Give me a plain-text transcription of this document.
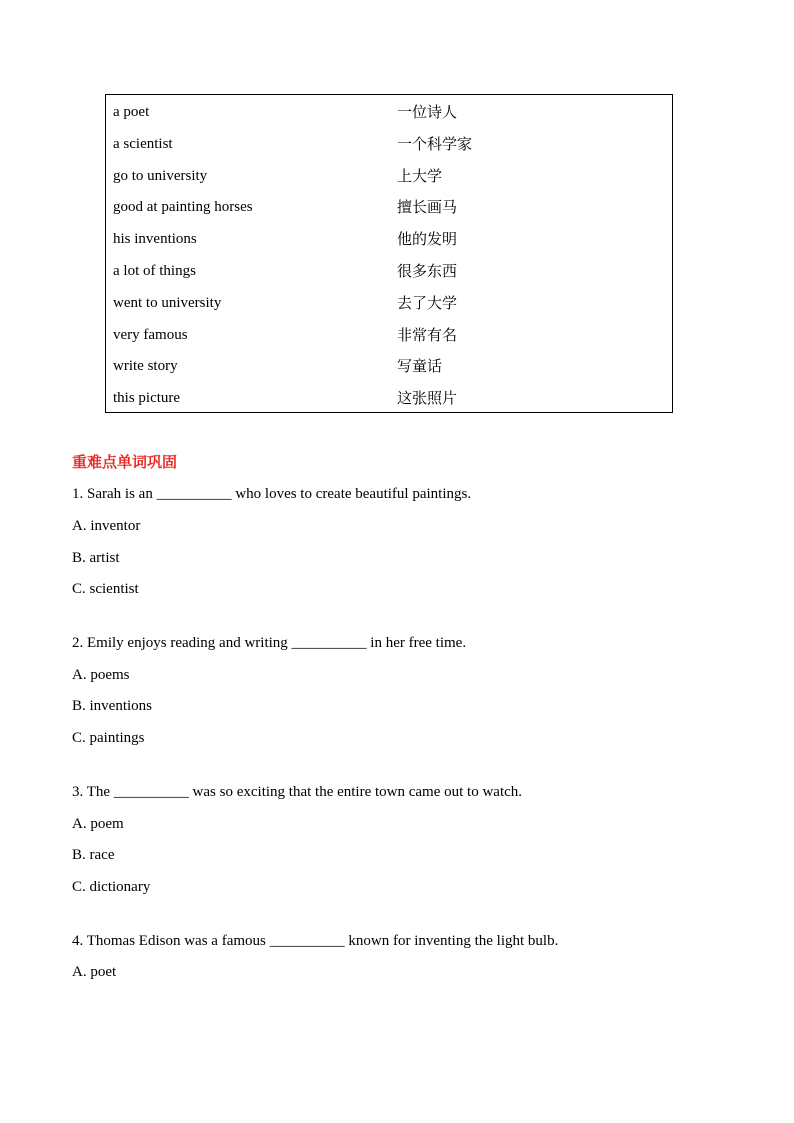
a poet	一位诗人
a scientist	一个科学家
go to university	上大学
good at painting horses	擅长画马
his inventions	他的发明
a lot of things	很多东西
went to university	去了大学
very famous	非常有名
write story	写童话
this picture	这张照片
重难点单词巩固
1. Sarah is an __________ who loves to create beautiful paintings.
A. inventor
B. artist
C. scientist
2. Emily enjoys reading and writing __________ in her free time.
A. poems
B. inventions
C. paintings
3. The __________ was so exciting that the entire town came out to watch.
A. poem
B. race
C. dictionary
4. Thomas Edison was a famous __________ known for inventing the light bulb.
A. poet
